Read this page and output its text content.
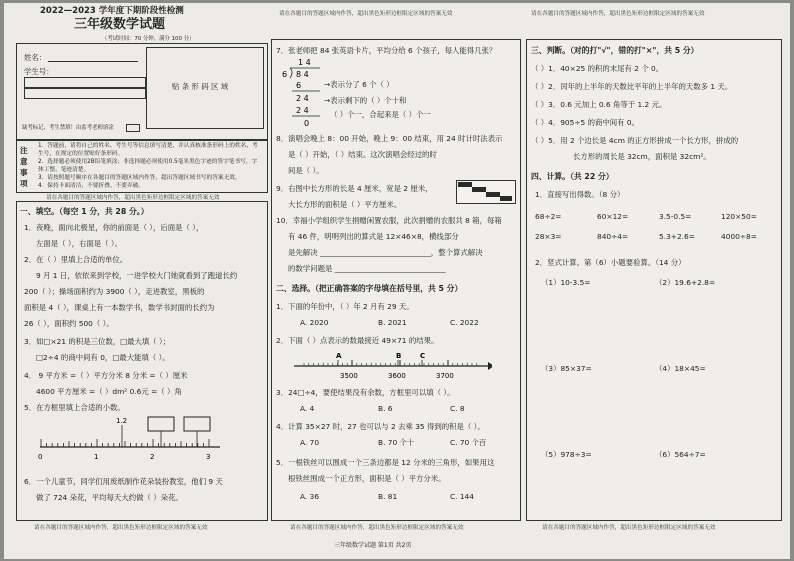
2022—2023 学年度下期阶段性检测	请在各题目的答题区域内作答，超出黑色矩形边框限定区域的答案无效	请在各题目的答题区域内作答，超出黑色矩形边框限定区域的答案无效
三年级数学试题
（考试时间：70 分钟，满分 100 分）
姓名：
学生号：
贴 条 形 码 区 域
缺考标记，考生禁填！由监考老师填涂
注意事项
1．答题前，请将自己的姓名、考生号等信息填写清楚，并认真核准条形码上的姓名、考生号，在规定的位置贴好条形码。
2．选择题必须使用2B铅笔填涂；非选择题必须使用0.5毫米黑色字迹的签字笔书写，字体工整、笔迹清楚。
3．请按照题号顺序在各题目的答题区域内作答，超出答题区域书写的答案无效。
4．保持卡面清洁，不要折叠、不要弄破。
请在各题目的答题区域内作答，超出黑色矩形边框限定区域的答案无效
一、填空。（每空 1 分，共 28 分。）
1．夜晚，面向北极星，你的前面是（ ），后面是（ ），
左面是（ ），右面是（ ）。
2．在（ ）里填上合适的单位。
9 月 1 日，依依来到学校，一进学校大门她就看到了跑道长约
200（ ）；操场面积约为 3900（ ），走进教室，黑板的
面积是 4（ ），课桌上有一本数学书，数学书封面的长约为
26（ ），面积约 500（ ）。
3．如□×21 的积是三位数，□最大填（ ）；
□2÷4 的商中间有 0，□最大能填（ ）。
4． 9 平方米 =（ ）平方分米 8 分米 =（ ）厘米
4600 平方厘米 =（ ）dm² 0.6元 =（ ）角
5．在方框里填上合适的小数。
1.2
0	1	2	3
6．一个儿童节，同学们用废纸制作花朵装扮教室，他们 9 天
做了 724 朵花，平均每天大约做（ ）朵花。
7．张老师把 84 张英语卡片，平均分给 6 个孩子，每人能得几张？
1 4
6 8 4
6
2 4
2 4
0
→表示分了 6 个（ ）
→表示剩下的（ ）个十和
（ ）个一，合起来是（ ）个一
8．演唱会晚上 8：00 开始，晚上 9：00 结束，用 24 时计时法表示
是（ ）开始，（ ）结束。这次演唱会经过的时
间是（ ）。
9．右图中长方形的长是 4 厘米，宽是 2 厘米，
大长方形的面积是（ ）平方厘米。
10．幸福小学组织学生捐赠闲置农服，此次捐赠的农服共 8 箱，每箱
有 46 件，明明列出的算式是 12×46×8，横线部分
是先解决 ______________________________，整个算式解决
的数学问题是 ______________________________
二、选择。（把正确答案的字母填在括号里，共 5 分）
1．下面的年份中，（ ）年 2 月有 29 天。
A. 2020	B. 2021	C. 2022
2．下面（ ）点表示的数最接近 49×71 的结果。
A	B	C
3500	3600	3700
3．24□÷4，要使结果没有余数，方框里可以填（ ）。
A. 4	B. 6	C. 8
4．计算 35×27 时，27 也可以与 2 去乘 35 得到的积是（ ）。
A. 70	B. 70 个十	C. 70 个百
5．一根铁丝可以围成一个三条边都是 12 分米的三角形，如果用这
根铁丝围成一个正方形，面积是（ ）平方分米。
A. 36	B. 81	C. 144
三、判断。（对的打"√"，错的打"×"，共 5 分）
（ ）1．40×25 的积的末尾有 2 个 0。
（ ）2．闰年的上半年的天数比平年的上半年的天数多 1 天。
（ ）3．0.6 元加上 0.6 角等于 1.2 元。
（ ）4．905÷5 的商中间有 0。
（ ）5．用 2 个边长是 4cm 的正方形拼成一个长方形，拼成的
长方形的周长是 32cm，面积是 32cm²。
四、计算。（共 22 分）
1．直接写出得数。（8 分）
68÷2=	60×12=	3.5-0.5=	120×50=
28×3=	840÷4=	5.3+2.6=	4000÷8=
2．竖式计算。第（6）小题要验算。（14 分）
（1）10-3.5=	（2）19.6+2.8=
（3）85×37=	（4）18×45=
（5）978÷3=	（6）564÷7=
请在各题目的答题区域内作答，超出黑色矩形边框限定区域的答案无效	请在各题目的答题区域内作答，超出黑色矩形边框限定区域的答案无效	请在各题目的答题区域内作答，超出黑色矩形边框限定区域的答案无效
三年级数学试题 第1页 共2页
